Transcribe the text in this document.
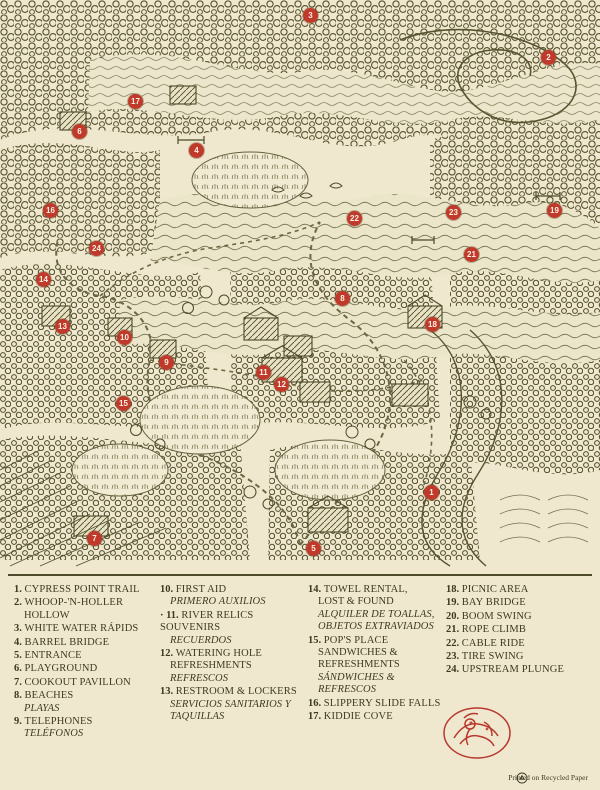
3
2
17
6
4
16
22
23	19
24
21
14
13
8
10
18
9
11
12
15
1
7
5
1. CYPRESS POINT TRAIL
2. WHOOP-'N-HOLLER
HOLLOW
3. WHITE WATER RÁPIDS
4. BARREL BRIDGE
5. ENTRANCE
6. PLAYGROUND
7. COOKOUT PAVILLON
8. BEACHES
PLAYAS
9. TELEPHONES
TELÉFONOS
10. FIRST AID
PRIMERO AUXILIOS
· 11. RIVER RELICS SOUVENIRS
RECUERDOS
12. WATERING HOLE
REFRESHMENTS
REFRESCOS
13. RESTROOM & LOCKERS
SERVICIOS SANITARIOS Y
TAQUILLAS
14. TOWEL RENTAL,
LOST & FOUND
ALQUILER DE TOALLAS,
OBJETOS EXTRAVIADOS
15. POP'S PLACE
SANDWICHES &
REFRESHMENTS
SÁNDWICHES &
REFRESCOS
16. SLIPPERY SLIDE FALLS
17. KIDDIE COVE
18. PICNIC AREA
19. BAY BRIDGE
20. BOOM SWING
21. ROPE CLIMB
22. CABLE RIDE
23. TIRE SWING
24. UPSTREAM PLUNGE
Printed on Recycled Paper
